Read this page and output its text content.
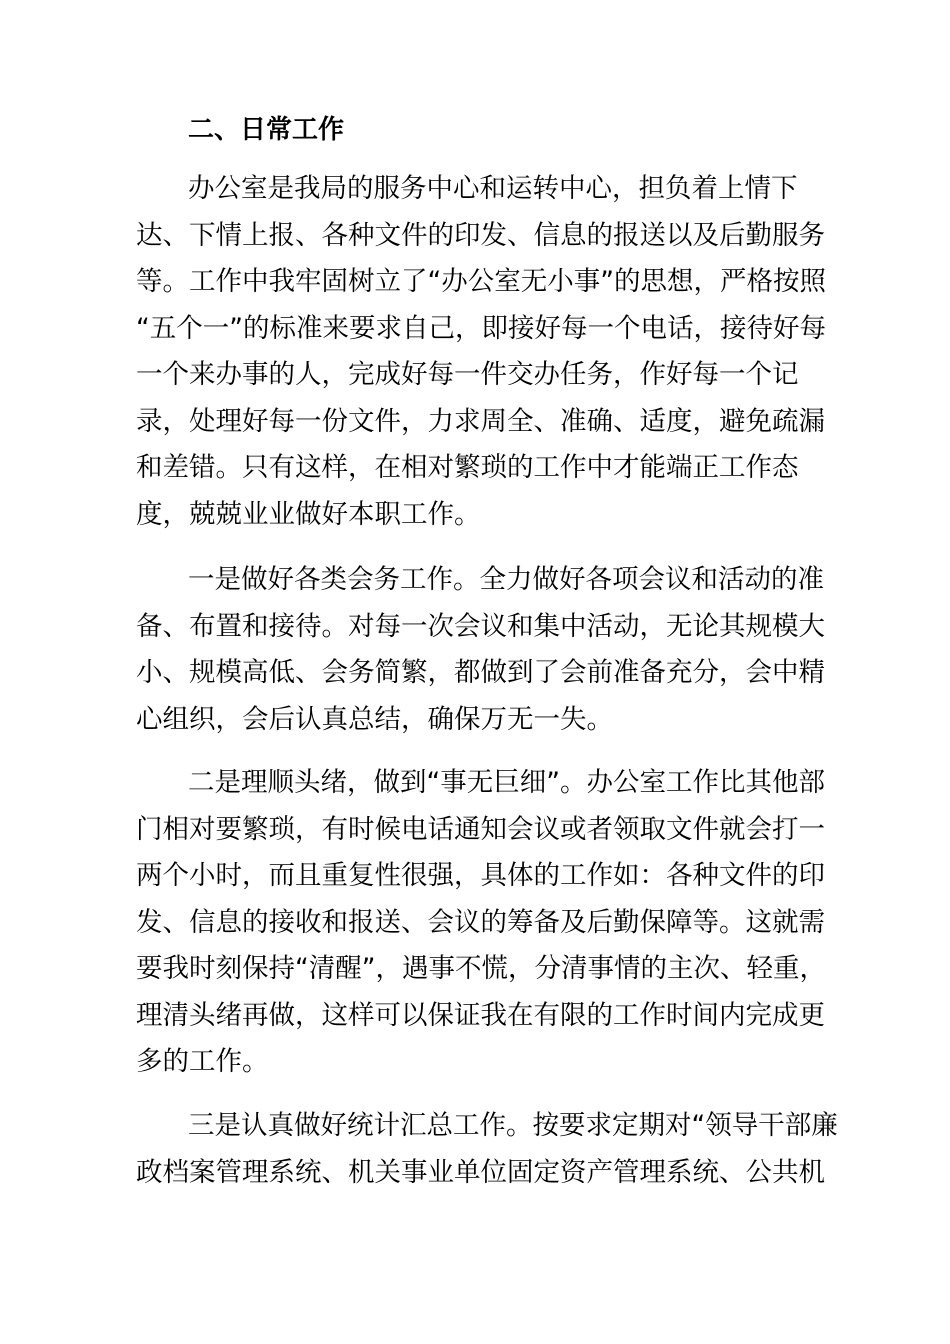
二、日常工作
办公室是我局的服务中心和运转中心，担负着上情下
达、下情上报、各种文件的印发、信息的报送以及后勤服务
等。工作中我牢固树立了“办公室无小事”的思想，严格按照
“五个一”的标准来要求自己，即接好每一个电话，接待好每
一个来办事的人，完成好每一件交办任务，作好每一个记
录，处理好每一份文件，力求周全、准确、适度，避免疏漏
和差错。只有这样，在相对繁琐的工作中才能端正工作态
度，兢兢业业做好本职工作。
一是做好各类会务工作。全力做好各项会议和活动的准
备、布置和接待。对每一次会议和集中活动，无论其规模大
小、规模高低、会务简繁，都做到了会前准备充分，会中精
心组织，会后认真总结，确保万无一失。
二是理顺头绪，做到“事无巨细”。办公室工作比其他部
门相对要繁琐，有时候电话通知会议或者领取文件就会打一
两个小时，而且重复性很强，具体的工作如：各种文件的印
发、信息的接收和报送、会议的筹备及后勤保障等。这就需
要我时刻保持“清醒”，遇事不慌，分清事情的主次、轻重，
理清头绪再做，这样可以保证我在有限的工作时间内完成更
多的工作。
三是认真做好统计汇总工作。按要求定期对“领导干部廉
政档案管理系统、机关事业单位固定资产管理系统、公共机
